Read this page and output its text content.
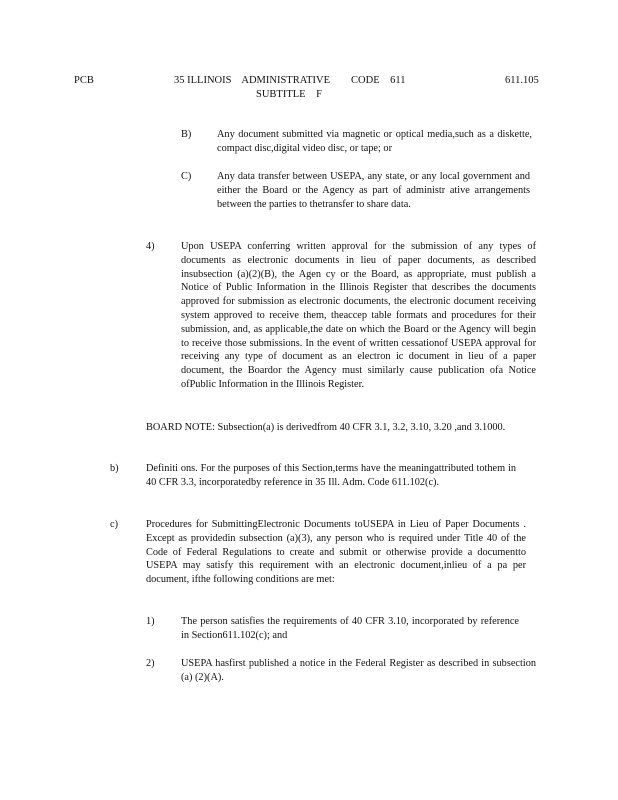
PCB	35 ILLINOIS    ADMINISTRATIVE        CODE    611
SUBTITLE    F
611.105
B) Any document submitted via magnetic or optical media,such as a diskette, compact disc,digital video disc, or tape; or
C) Any data transfer between USEPA, any state, or any local government and either the Board or the Agency as part of administr ative arrangements between the parties to thetransfer to share data.
4)	Upon USEPA conferring written approval for the submission of any types of documents as electronic documents in lieu of paper documents, as described insubsection (a)(2)(B), the Agen cy or the Board, as appropriate, must publish a Notice of Public Information in the Illinois Register that describes the documents approved for submission as electronic documents, the electronic document receiving system approved to receive them, theaccep table formats and procedures for their submission, and, as applicable,the date on which the Board or the Agency will begin to receive those submissions. In the event of written cessationof USEPA approval for receiving any type of document as an electron ic document in lieu of a paper document, the Boardor the Agency must similarly cause publication ofa Notice ofPublic Information in the Illinois Register.
BOARD NOTE: Subsection(a) is derivedfrom 40 CFR 3.1, 3.2, 3.10, 3.20 ,and 3.1000.
b)	Definiti ons. For the purposes of this Section,terms have the meaningattributed tothem in 40 CFR 3.3, incorporatedby reference in 35 Ill. Adm. Code 611.102(c).
c)	Procedures for SubmittingElectronic Documents toUSEPA in Lieu of Paper Documents . Except as providedin subsection (a)(3), any person who is required under Title 40 of the Code of Federal Regulations to create and submit or otherwise provide a documentto USEPA may satisfy this requirement with an electronic document,inlieu of a pa per document, ifthe following conditions are met:
1)	The person satisfies the requirements of 40 CFR 3.10, incorporated by reference in Section611.102(c); and
2)	USEPA hasfirst published a notice in the Federal Register as described in subsection (a) (2)(A).
